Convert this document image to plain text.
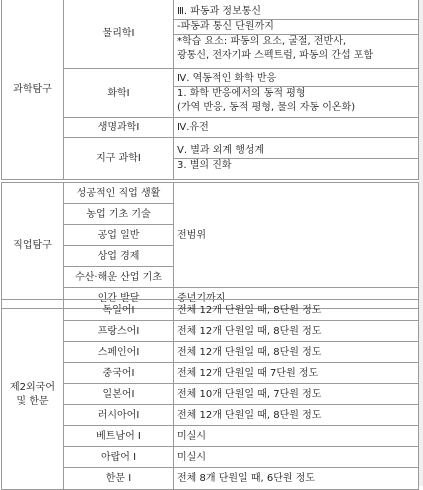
과학탐구	물리학Ⅰ	Ⅲ. 파동과 정보통신
-파동과 통신 단원까지
*학습 요소: 파동의 요소, 굴절, 전반사,
광통신, 전자기파 스펙트럼, 파동의 간섭 포함

	화학Ⅰ	Ⅳ. 역동적인 화학 반응
1. 화학 반응에서의 동적 평형
(가역 반응, 동적 평형, 물의 자동 이온화)

	생명과학Ⅰ	Ⅳ.유전
	지구 과학Ⅰ	Ⅴ. 별과 외계 행성계
3. 별의 진화
직업탐구	성공적인 직업 생활	전범위
	농업 기초 기술	
	공업 일반	
	상업 경제	
	수산·해운 산업 기초	
	인간 발달	중년기까지
제2외국어 및 한문	독일어Ⅰ	전체 12개 단원일 때, 8단원 정도
	프랑스어Ⅰ	전체 12개 단원일 때, 8단원 정도
	스페인어Ⅰ	전체 12개 단원일 때, 8단원 정도
	중국어Ⅰ	전체 12개 단원일 때 7단원 정도
	일본어Ⅰ	전체 10개 단원일 때, 7단원 정도
	러시아어Ⅰ	전체 12개 단원일 때, 8단원 정도
	베트남어 Ⅰ	미실시
	아랍어 Ⅰ	미실시
	한문 Ⅰ	전체 8개 단원일 때, 6단원 정도
